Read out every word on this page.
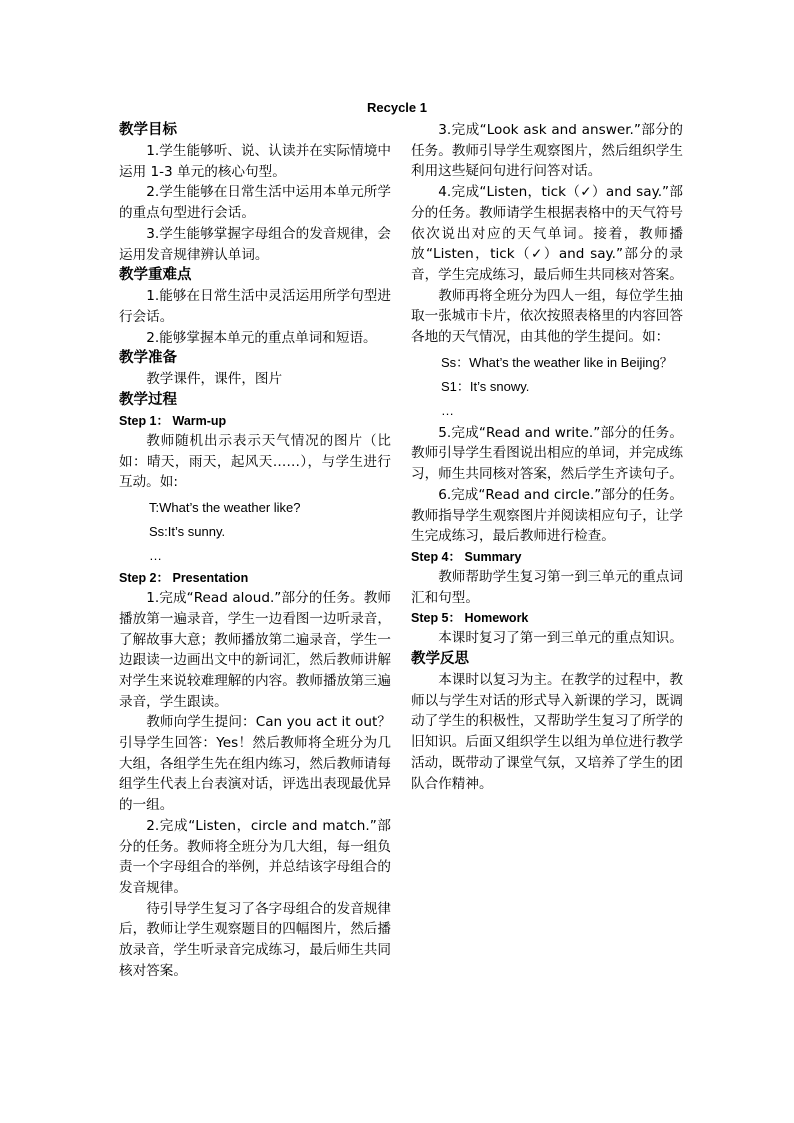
Recycle 1

教学目标

1.学生能够听、说、认读并在实际情境中运用 1-3 单元的核心句型。

2.学生能够在日常生活中运用本单元所学的重点句型进行会话。

3.学生能够掌握字母组合的发音规律，会运用发音规律辨认单词。

教学重难点

1.能够在日常生活中灵活运用所学句型进行会话。

2.能够掌握本单元的重点单词和短语。

教学准备

教学课件，课件，图片

教学过程

Step 1： Warm-up

教师随机出示表示天气情况的图片（比如：晴天，雨天，起风天……），与学生进行互动。如:

T:What’s the weather like?

Ss:It’s sunny.

…

Step 2： Presentation

1.完成“Read aloud.”部分的任务。教师播放第一遍录音，学生一边看图一边听录音，了解故事大意；教师播放第二遍录音，学生一边跟读一边画出文中的新词汇，然后教师讲解对学生来说较难理解的内容。教师播放第三遍录音，学生跟读。

教师向学生提问：Can you act it out？引导学生回答：Yes！然后教师将全班分为几大组，各组学生先在组内练习，然后教师请每组学生代表上台表演对话，评选出表现最优异的一组。

2.完成“Listen，circle and match.”部分的任务。教师将全班分为几大组，每一组负责一个字母组合的举例，并总结该字母组合的发音规律。

待引导学生复习了各字母组合的发音规律后，教师让学生观察题目的四幅图片，然后播放录音，学生听录音完成练习，最后师生共同核对答案。

3.完成“Look ask and answer.”部分的任务。教师引导学生观察图片，然后组织学生利用这些疑问句进行问答对话。

4.完成“Listen，tick（✓）and say.”部分的任务。教师请学生根据表格中的天气符号依次说出对应的天气单词。接着，教师播放“Listen，tick（✓）and say.”部分的录音，学生完成练习，最后师生共同核对答案。

教师再将全班分为四人一组，每位学生抽取一张城市卡片，依次按照表格里的内容回答各地的天气情况，由其他的学生提问。如：

Ss：What’s the weather like in Beijing？

S1：It’s snowy.

…

5.完成“Read and write.”部分的任务。教师引导学生看图说出相应的单词，并完成练习，师生共同核对答案，然后学生齐读句子。

6.完成“Read and circle.”部分的任务。教师指导学生观察图片并阅读相应句子，让学生完成练习，最后教师进行检查。

Step 4： Summary

教师帮助学生复习第一到三单元的重点词汇和句型。

Step 5： Homework

本课时复习了第一到三单元的重点知识。

教学反思

本课时以复习为主。在教学的过程中，教师以与学生对话的形式导入新课的学习，既调动了学生的积极性，又帮助学生复习了所学的旧知识。后面又组织学生以组为单位进行教学活动，既带动了课堂气氛，又培养了学生的团队合作精神。
